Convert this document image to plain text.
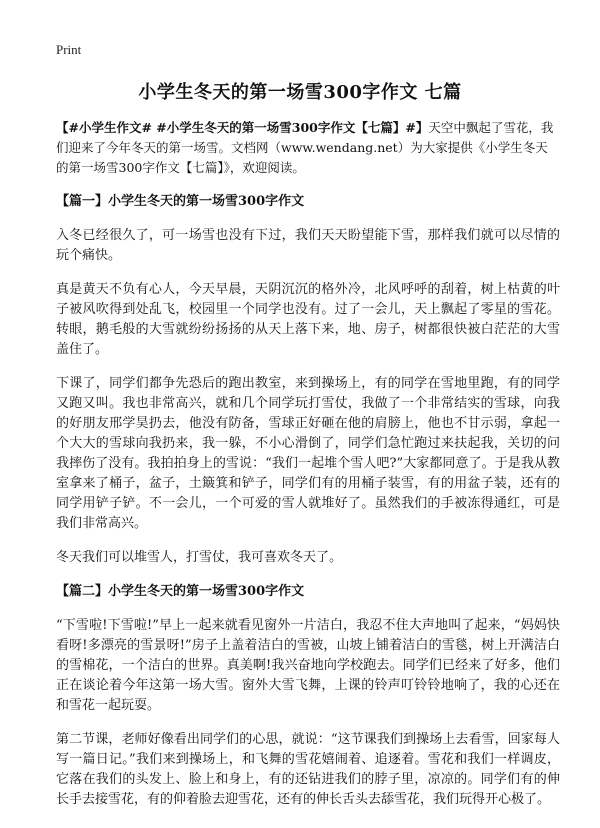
Print
小学生冬天的第一场雪300字作文 七篇

【#小学生作文# #小学生冬天的第一场雪300字作文【七篇】#】天空中飘起了雪花，我们迎来了今年冬天的第一场雪。文档网（www.wendang.net）为大家提供《小学生冬天的第一场雪300字作文【七篇】》，欢迎阅读。

【篇一】小学生冬天的第一场雪300字作文

入冬已经很久了，可一场雪也没有下过，我们天天盼望能下雪，那样我们就可以尽情的玩个痛快。

真是黄天不负有心人，今天早晨，天阴沉沉的格外冷，北风呼呼的刮着，树上枯黄的叶子被风吹得到处乱飞，校园里一个同学也没有。过了一会儿，天上飘起了零星的雪花。转眼，鹅毛般的大雪就纷纷扬扬的从天上落下来，地、房子，树都很快被白茫茫的大雪盖住了。

下课了，同学们都争先恐后的跑出教室，来到操场上，有的同学在雪地里跑，有的同学又跑又叫。我也非常高兴，就和几个同学玩打雪仗，我做了一个非常结实的雪球，向我的好朋友邢学昊扔去，他没有防备，雪球正好砸在他的肩膀上，他也不甘示弱，拿起一个大大的雪球向我扔来，我一躲，不小心滑倒了，同学们急忙跑过来扶起我，关切的问我摔伤了没有。我拍拍身上的雪说：“我们一起堆个雪人吧?”大家都同意了。于是我从教室拿来了桶子，盆子，土簸箕和铲子，同学们有的用桶子装雪，有的用盆子装，还有的同学用铲子铲。不一会儿，一个可爱的雪人就堆好了。虽然我们的手被冻得通红，可是我们非常高兴。

冬天我们可以堆雪人，打雪仗，我可喜欢冬天了。

【篇二】小学生冬天的第一场雪300字作文

“下雪啦!下雪啦!”早上一起来就看见窗外一片洁白，我忍不住大声地叫了起来，“妈妈快看呀!多漂亮的雪景呀!”房子上盖着洁白的雪被，山坡上铺着洁白的雪毯，树上开满洁白的雪棉花，一个洁白的世界。真美啊!我兴奋地向学校跑去。同学们已经来了好多，他们正在谈论着今年这第一场大雪。窗外大雪飞舞，上课的铃声叮铃铃地响了，我的心还在和雪花一起玩耍。

第二节课，老师好像看出同学们的心思，就说：“这节课我们到操场上去看雪，回家每人写一篇日记。”我们来到操场上，和飞舞的雪花嬉闹着、追逐着。雪花和我们一样调皮，它落在我们的头发上、脸上和身上，有的还钻进我们的脖子里，凉凉的。同学们有的伸长手去接雪花，有的仰着脸去迎雪花，还有的伸长舌头去舔雪花，我们玩得开心极了。
